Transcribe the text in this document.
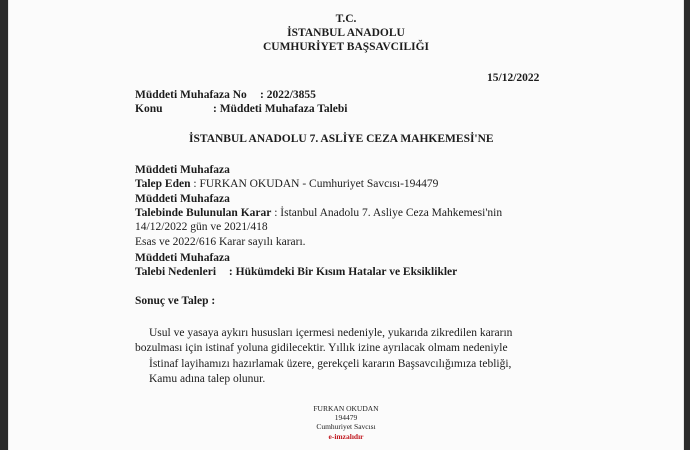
T.C.
İSTANBUL ANADOLU
CUMHURİYET BAŞSAVCILIĞI
15/12/2022
Müddeti Muhafaza No : 2022/3855
Konu	: Müddeti Muhafaza Talebi
İSTANBUL ANADOLU 7. ASLİYE CEZA MAHKEMESİ'NE
Müddeti Muhafaza
Talep Eden : FURKAN OKUDAN - Cumhuriyet Savcısı-194479
Müddeti Muhafaza
Talebinde Bulunulan Karar : İstanbul Anadolu 7. Asliye Ceza Mahkemesi'nin
14/12/2022 gün ve 2021/418
Esas ve 2022/616 Karar sayılı kararı.
Müddeti Muhafaza
Talebi Nedenleri : Hükümdeki Bir Kısım Hatalar ve Eksiklikler
Sonuç ve Talep :
Usul ve yasaya aykırı hususları içermesi nedeniyle, yukarıda zikredilen kararın
bozulması için istinaf yoluna gidilecektir. Yıllık izine ayrılacak olmam nedeniyle
İstinaf layihamızı hazırlamak üzere, gerekçeli kararın Başsavcılığımıza tebliği,
Kamu adına talep olunur.
FURKAN OKUDAN
194479
Cumhuriyet Savcısı
e-imzalıdır
